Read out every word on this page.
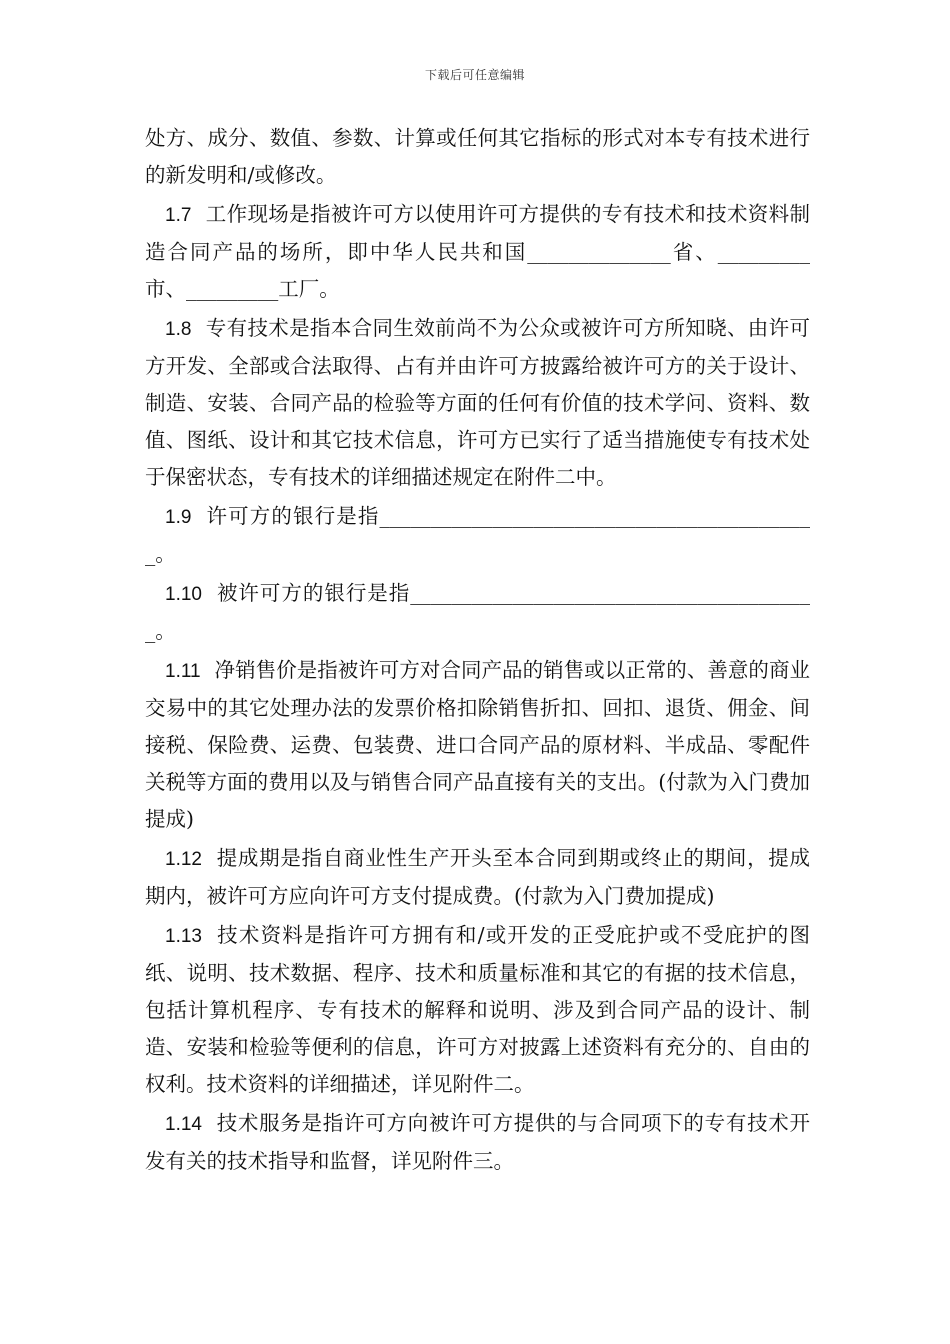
下载后可任意编辑

处方、成分、数值、参数、计算或任何其它指标的形式对本专有技术进行的新发明和/或修改。

1.7 工作现场是指被许可方以使用许可方提供的专有技术和技术资料制造合同产品的场所，即中华人民共和国______________省、_________市、_________工厂。

1.8 专有技术是指本合同生效前尚不为公众或被许可方所知晓、由许可方开发、全部或合法取得、占有并由许可方披露给被许可方的关于设计、制造、安装、合同产品的检验等方面的任何有价值的技术学问、资料、数值、图纸、设计和其它技术信息，许可方已实行了适当措施使专有技术处于保密状态，专有技术的详细描述规定在附件二中。

1.9 许可方的银行是指___________________________________________。

1.10 被许可方的银行是指________________________________________。

1.11 净销售价是指被许可方对合同产品的销售或以正常的、善意的商业交易中的其它处理办法的发票价格扣除销售折扣、回扣、退货、佣金、间接税、保险费、运费、包装费、进口合同产品的原材料、半成品、零配件关税等方面的费用以及与销售合同产品直接有关的支出。(付款为入门费加提成)

1.12 提成期是指自商业性生产开头至本合同到期或终止的期间，提成期内，被许可方应向许可方支付提成费。(付款为入门费加提成)

1.13 技术资料是指许可方拥有和/或开发的正受庇护或不受庇护的图纸、说明、技术数据、程序、技术和质量标准和其它的有据的技术信息，包括计算机程序、专有技术的解释和说明、涉及到合同产品的设计、制造、安装和检验等便利的信息，许可方对披露上述资料有充分的、自由的权利。技术资料的详细描述，详见附件二。

1.14 技术服务是指许可方向被许可方提供的与合同项下的专有技术开发有关的技术指导和监督，详见附件三。
